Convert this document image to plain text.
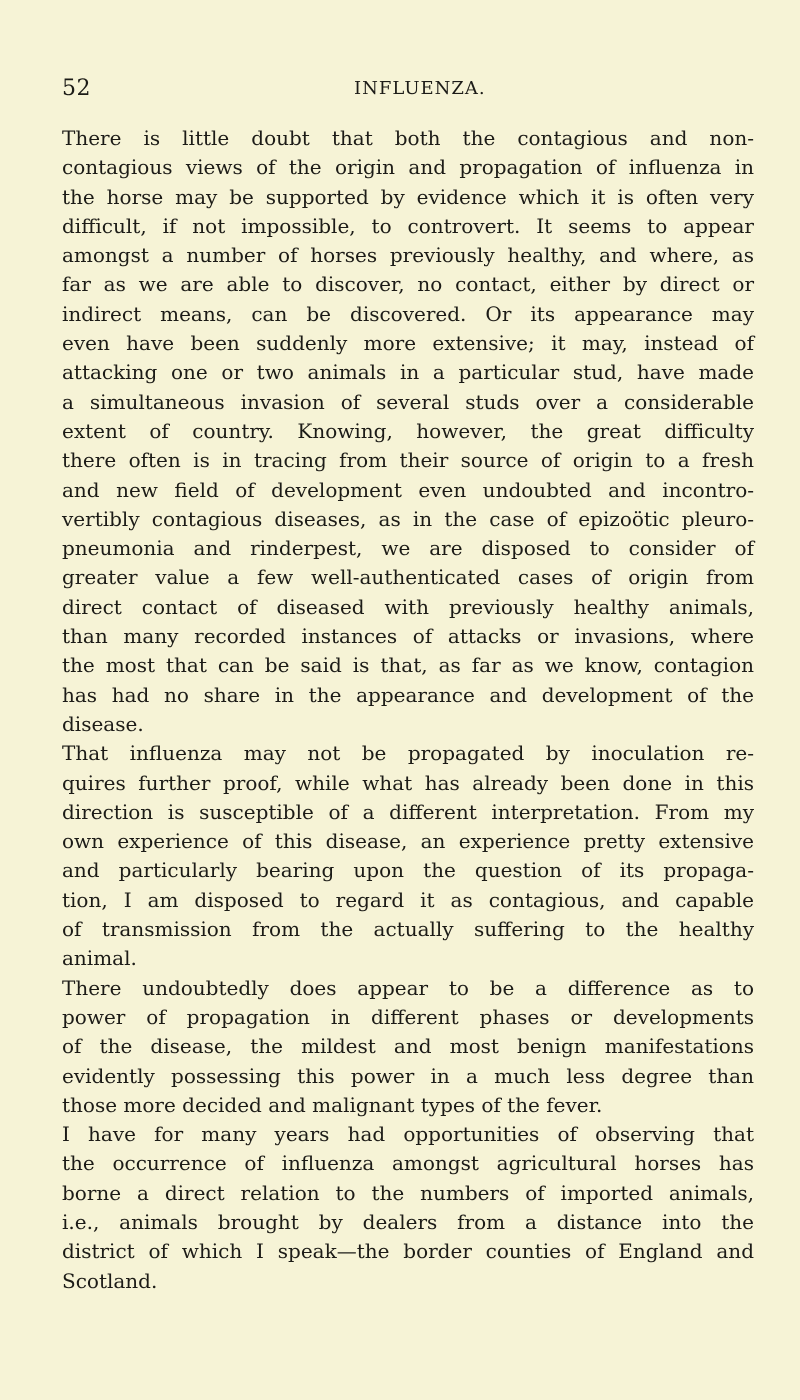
52	INFLUENZA.
There is little doubt that both the contagious and non-
contagious views of the origin and propagation of influenza in
the horse may be supported by evidence which it is often very
difficult, if not impossible, to controvert. It seems to appear
amongst a number of horses previously healthy, and where, as
far as we are able to discover, no contact, either by direct or
indirect means, can be discovered. Or its appearance may
even have been suddenly more extensive; it may, instead of
attacking one or two animals in a particular stud, have made
a simultaneous invasion of several studs over a considerable
extent of country. Knowing, however, the great difficulty
there often is in tracing from their source of origin to a fresh
and new field of development even undoubted and incontro-
vertibly contagious diseases, as in the case of epizoötic pleuro-
pneumonia and rinderpest, we are disposed to consider of
greater value a few well-authenticated cases of origin from
direct contact of diseased with previously healthy animals,
than many recorded instances of attacks or invasions, where
the most that can be said is that, as far as we know, contagion
has had no share in the appearance and development of the
disease.
That influenza may not be propagated by inoculation re-
quires further proof, while what has already been done in this
direction is susceptible of a different interpretation. From my
own experience of this disease, an experience pretty extensive
and particularly bearing upon the question of its propaga-
tion, I am disposed to regard it as contagious, and capable
of transmission from the actually suffering to the healthy
animal.
There undoubtedly does appear to be a difference as to
power of propagation in different phases or developments
of the disease, the mildest and most benign manifestations
evidently possessing this power in a much less degree than
those more decided and malignant types of the fever.
I have for many years had opportunities of observing that
the occurrence of influenza amongst agricultural horses has
borne a direct relation to the numbers of imported animals,
i.e., animals brought by dealers from a distance into the
district of which I speak—the border counties of England and
Scotland.
